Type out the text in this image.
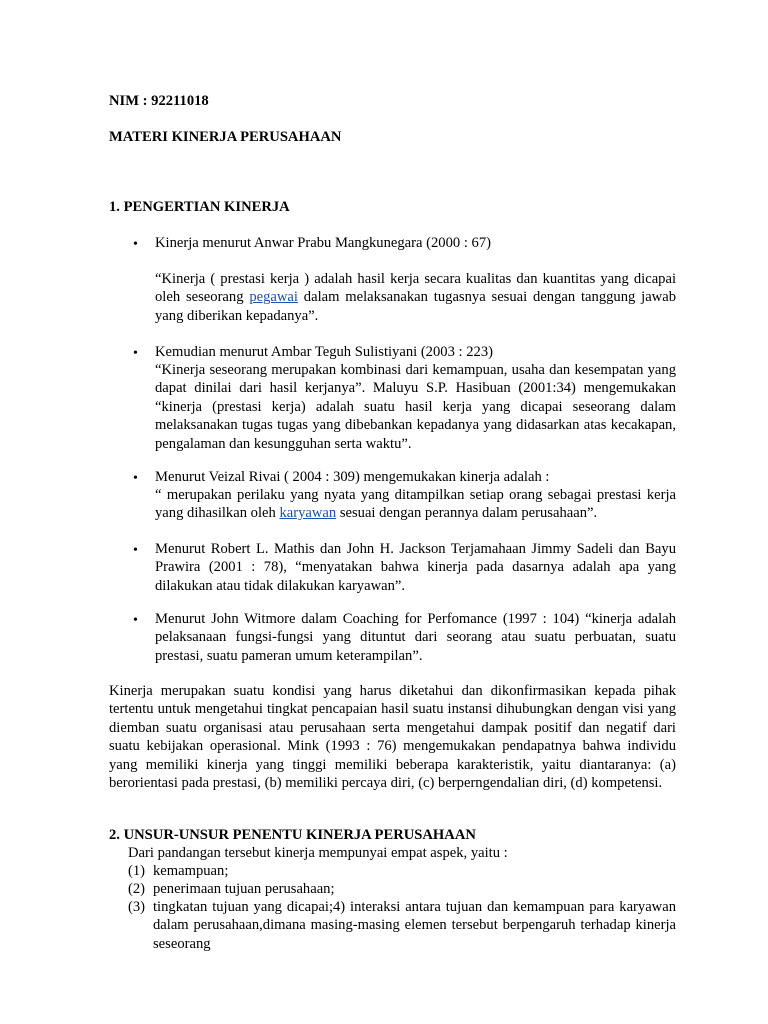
NIM : 92211018
MATERI KINERJA PERUSAHAAN
1. PENGERTIAN KINERJA
• Kinerja menurut Anwar Prabu Mangkunegara (2000 : 67)
“Kinerja ( prestasi kerja ) adalah hasil kerja secara kualitas dan kuantitas yang dicapai oleh seseorang pegawai dalam melaksanakan tugasnya sesuai dengan tanggung jawab yang diberikan kepadanya”.
• Kemudian menurut Ambar Teguh Sulistiyani (2003 : 223)
“Kinerja seseorang merupakan kombinasi dari kemampuan, usaha dan kesempatan yang dapat dinilai dari hasil kerjanya”. Maluyu S.P. Hasibuan (2001:34) mengemukakan “kinerja (prestasi kerja) adalah suatu hasil kerja yang dicapai seseorang dalam melaksanakan tugas tugas yang dibebankan kepadanya yang didasarkan atas kecakapan, pengalaman dan kesungguhan serta waktu”.
• Menurut Veizal Rivai ( 2004 : 309) mengemukakan kinerja adalah :
“ merupakan perilaku yang nyata yang ditampilkan setiap orang sebagai prestasi kerja yang dihasilkan oleh karyawan sesuai dengan perannya dalam perusahaan”.
• Menurut Robert L. Mathis dan John H. Jackson Terjamahaan Jimmy Sadeli dan Bayu Prawira (2001 : 78), “menyatakan bahwa kinerja pada dasarnya adalah apa yang dilakukan atau tidak dilakukan karyawan”.
• Menurut John Witmore dalam Coaching for Perfomance (1997 : 104) “kinerja adalah pelaksanaan fungsi-fungsi yang dituntut dari seorang atau suatu perbuatan, suatu prestasi, suatu pameran umum keterampilan”.
Kinerja merupakan suatu kondisi yang harus diketahui dan dikonfirmasikan kepada pihak tertentu untuk mengetahui tingkat pencapaian hasil suatu instansi dihubungkan dengan visi yang diemban suatu organisasi atau perusahaan serta mengetahui dampak positif dan negatif dari suatu kebijakan operasional. Mink (1993 : 76) mengemukakan pendapatnya bahwa individu yang memiliki kinerja yang tinggi memiliki beberapa karakteristik, yaitu diantaranya: (a) berorientasi pada prestasi, (b) memiliki percaya diri, (c) berperngendalian diri, (d) kompetensi.
2. UNSUR-UNSUR PENENTU KINERJA PERUSAHAAN
Dari pandangan tersebut kinerja mempunyai empat aspek, yaitu :
(1) kemampuan;
(2) penerimaan tujuan perusahaan;
(3) tingkatan tujuan yang dicapai;4) interaksi antara tujuan dan kemampuan para karyawan dalam perusahaan,dimana masing-masing elemen tersebut berpengaruh terhadap kinerja seseorang
